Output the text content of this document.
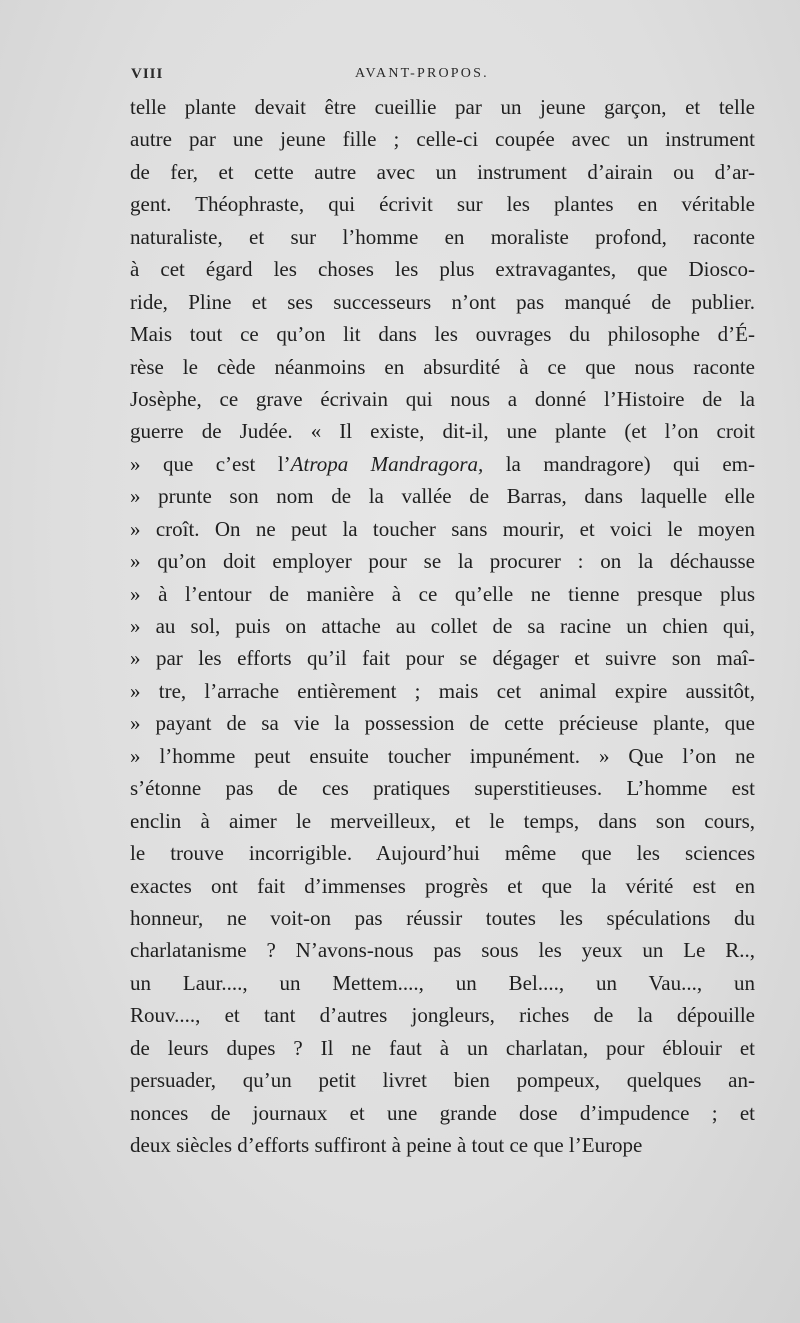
VIII	AVANT-PROPOS.
telle plante devait être cueillie par un jeune garçon, et telle
autre par une jeune fille ; celle-ci coupée avec un instrument
de fer, et cette autre avec un instrument d’airain ou d’ar-
gent. Théophraste, qui écrivit sur les plantes en véritable
naturaliste, et sur l’homme en moraliste profond, raconte
à cet égard les choses les plus extravagantes, que Diosco-
ride, Pline et ses successeurs n’ont pas manqué de publier.
Mais tout ce qu’on lit dans les ouvrages du philosophe d’É-
rèse le cède néanmoins en absurdité à ce que nous raconte
Josèphe, ce grave écrivain qui nous a donné l’Histoire de la
guerre de Judée. « Il existe, dit-il, une plante (et l’on croit
» que c’est l’Atropa Mandragora, la mandragore) qui em-
» prunte son nom de la vallée de Barras, dans laquelle elle
» croît. On ne peut la toucher sans mourir, et voici le moyen
» qu’on doit employer pour se la procurer : on la déchausse
» à l’entour de manière à ce qu’elle ne tienne presque plus
» au sol, puis on attache au collet de sa racine un chien qui,
» par les efforts qu’il fait pour se dégager et suivre son maî-
» tre, l’arrache entièrement ; mais cet animal expire aussitôt,
» payant de sa vie la possession de cette précieuse plante, que
» l’homme peut ensuite toucher impunément. » Que l’on ne
s’étonne pas de ces pratiques superstitieuses. L’homme est
enclin à aimer le merveilleux, et le temps, dans son cours,
le trouve incorrigible. Aujourd’hui même que les sciences
exactes ont fait d’immenses progrès et que la vérité est en
honneur, ne voit-on pas réussir toutes les spéculations du
charlatanisme ? N’avons-nous pas sous les yeux un Le R..,
un Laur...., un Mettem...., un Bel...., un Vau..., un
Rouv...., et tant d’autres jongleurs, riches de la dépouille
de leurs dupes ? Il ne faut à un charlatan, pour éblouir et
persuader, qu’un petit livret bien pompeux, quelques an-
nonces de journaux et une grande dose d’impudence ; et
deux siècles d’efforts suffiront à peine à tout ce que l’Europe
